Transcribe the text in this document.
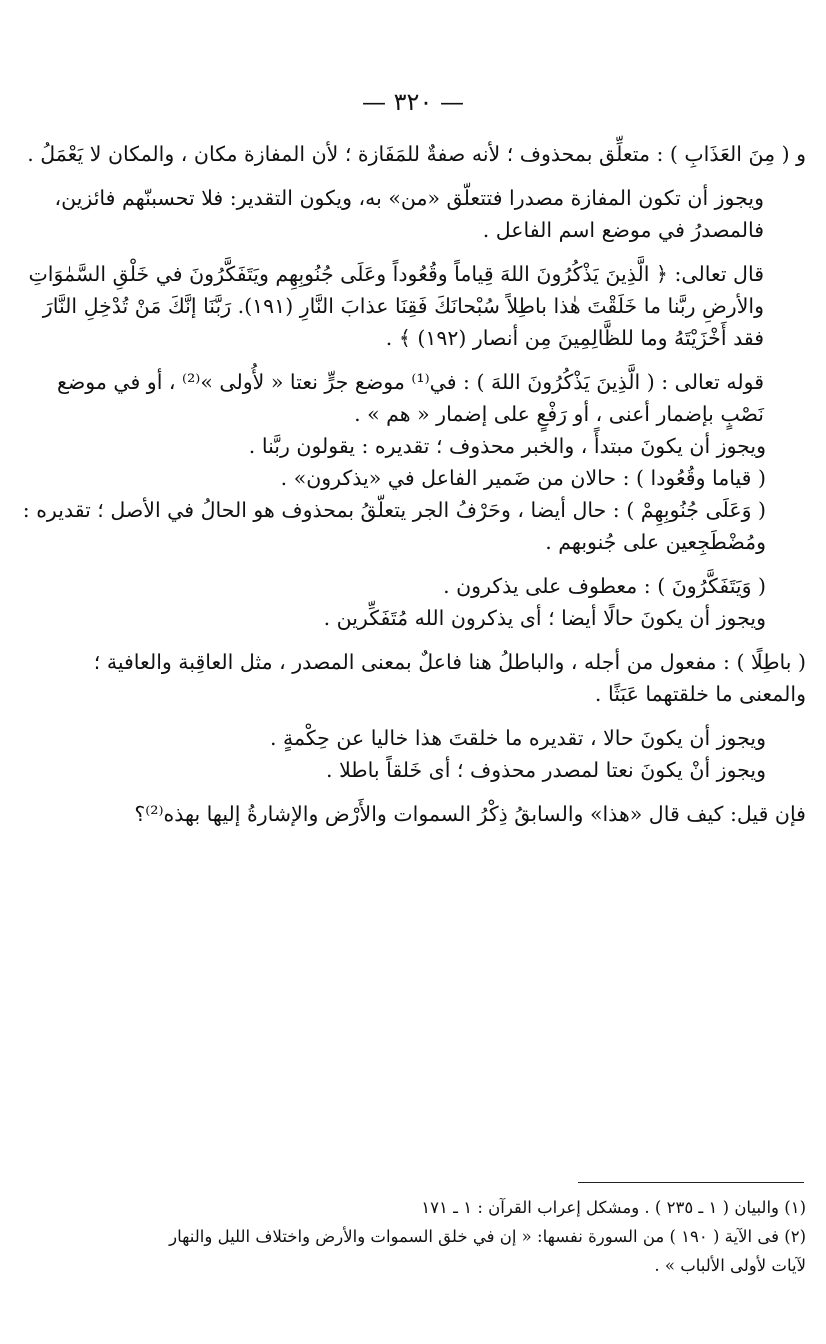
— ٣٢٠ —

و ( مِنَ العَذَابِ ) : متعلِّق بمحذوف ؛ لأنه صفةٌ للمَفَازة ؛ لأن المفازة مكان ، والمكان لا يَعْمَلُ .

ويجوز أن تكون المفازة مصدرا فتتعلّق «من» به، ويكون التقدير: فلا تحسبنّهم فائزين، فالمصدرُ في موضع اسم الفاعل .

قال تعالى: ﴿ الَّذِينَ يَذْكُرُونَ اللهَ قِياماً وقُعُوداً وعَلَى جُنُوبِهِم ويَتَفَكَّرُونَ في خَلْقِ السَّمٰوَاتِ والأرضِ ربَّنا ما خَلَقْتَ هٰذا باطِلاً سُبْحانَكَ فَقِنَا عذابَ النَّارِ (١٩١). رَبَّنَا إنَّكَ مَنْ تُدْخِلِ النَّارَ فقد أَخْزَيْتَهُ وما للظَّالِمِينَ مِن أنصار (١٩٢) ﴾ .

قوله تعالى : ( الَّذِينَ يَذْكُرُونَ اللهَ ) : في⁽¹⁾ موضع جرٍّ نعتا « لأُولى »⁽²⁾ ، أو في موضع نَصْبٍ بإضمار أعنى ، أو رَفْعٍ على إضمار « هم » .

ويجوز أن يكونَ مبتدأً ، والخبر محذوف ؛ تقديره : يقولون ربَّنا .

( قياما وقُعُودا ) : حالان من ضَمير الفاعل في «يذكرون» .

( وَعَلَى جُنُوبِهِمْ ) : حال أيضا ، وحَرْفُ الجر يتعلّقُ بمحذوف هو الحالُ في الأصل ؛ تقديره : ومُضْطَجِعين على جُنوبهم .

( وَيَتَفَكَّرُونَ ) : معطوف على يذكرون .

ويجوز أن يكونَ حالًا أيضا ؛ أى يذكرون الله مُتَفَكِّرين .

( باطِلًا ) : مفعول من أجله ، والباطلُ هنا فاعلٌ بمعنى المصدر ، مثل العاقِبة والعافية ؛ والمعنى ما خلقتهما عَبَثًا .

ويجوز أن يكونَ حالا ، تقديره ما خلقتَ هذا خاليا عن حِكْمةٍ .

ويجوز أنْ يكونَ نعتا لمصدر محذوف ؛ أى خَلقاً باطلا .

فإن قيل: كيف قال «هذا» والسابقُ ذِكْرُ السموات والأَرْض والإشارةُ إليها بهذه⁽²⁾؟

(١) والبيان ( ١ ـ ٢٣٥ ) . ومشكل إعراب القرآن : ١ ـ ١٧١

(٢) فى الآية ( ١٩٠ ) من السورة نفسها: « إن في خلق السموات والأرض واختلاف الليل والنهار
لآيات لأولى الألباب » .
